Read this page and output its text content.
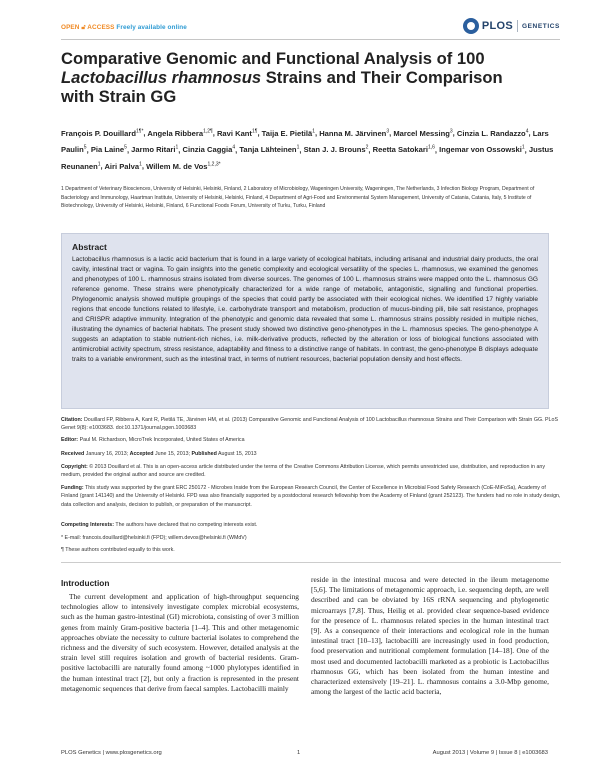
OPEN 🔓︎ ACCESS Freely available online	PLOS GENETICS
Comparative Genomic and Functional Analysis of 100
Lactobacillus rhamnosus Strains and Their Comparison
with Strain GG
François P. Douillard$^{1\P*}$, Angela Ribbera$^{1,2\P}$, Ravi Kant$^{1\P}$, Taija E. Pietilä$^1$, Hanna M. Järvinen$^3$, Marcel Messing$^3$, Cinzia L. Randazzo$^4$, Lars Paulin$^5$, Pia Laine$^5$, Jarmo Ritari$^1$, Cinzia Caggia$^4$, Tanja Lähteinen$^1$, Stan J. J. Brouns$^2$, Reetta Satokari$^{1,6}$, Ingemar von Ossowski$^1$, Justus Reunanen$^1$, Airi Palva$^1$, Willem M. de Vos$^{1,2,3*}$
1 Department of Veterinary Biosciences, University of Helsinki, Helsinki, Finland, 2 Laboratory of Microbiology, Wageningen University, Wageningen, The Netherlands, 3 Infection Biology Program, Department of Bacteriology and Immunology, Haartman Institute, University of Helsinki, Helsinki, Finland, 4 Department of Agri-Food and Environmental System Management, University of Catania, Catania, Italy, 5 Institute of Biotechnology, University of Helsinki, Helsinki, Finland, 6 Functional Foods Forum, University of Turku, Turku, Finland
Abstract
Lactobacillus rhamnosus is a lactic acid bacterium that is found in a large variety of ecological habitats, including artisanal and industrial dairy products, the oral cavity, intestinal tract or vagina. To gain insights into the genetic complexity and ecological versatility of the species L. rhamnosus, we examined the genomes and phenotypes of 100 L. rhamnosus strains isolated from diverse sources. The genomes of 100 L. rhamnosus strains were mapped onto the L. rhamnosus GG reference genome. These strains were phenotypically characterized for a wide range of metabolic, antagonistic, signalling and functional properties. Phylogenomic analysis showed multiple groupings of the species that could partly be associated with their ecological niches. We identified 17 highly variable regions that encode functions related to lifestyle, i.e. carbohydrate transport and metabolism, production of mucus-binding pili, bile salt resistance, prophages and CRISPR adaptive immunity. Integration of the phenotypic and genomic data revealed that some L. rhamnosus strains possibly resided in multiple niches, illustrating the dynamics of bacterial habitats. The present study showed two distinctive geno-phenotypes in the L. rhamnosus species. The geno-phenotype A suggests an adaptation to stable nutrient-rich niches, i.e. milk-derivative products, reflected by the alteration or loss of biological functions associated with antimicrobial activity spectrum, stress resistance, adaptability and fitness to a distinctive range of habitats. In contrast, the geno-phenotype B displays adequate traits to a variable environment, such as the intestinal tract, in terms of nutrient resources, bacterial population density and host effects.
Citation: Douillard FP, Ribbera A, Kant R, Pietilä TE, Järvinen HM, et al. (2013) Comparative Genomic and Functional Analysis of 100 Lactobacillus rhamnosus Strains and Their Comparison with Strain GG. PLoS Genet 9(8): e1003683. doi:10.1371/journal.pgen.1003683
Editor: Paul M. Richardson, MicroTrek Incorporated, United States of America
Received January 16, 2013; Accepted June 15, 2013; Published August 15, 2013
Copyright: © 2013 Douillard et al. This is an open-access article distributed under the terms of the Creative Commons Attribution License, which permits unrestricted use, distribution, and reproduction in any medium, provided the original author and source are credited.
Funding: This study was supported by the grant ERC 250172 - Microbes Inside from the European Research Council, the Center of Excellence in Microbial Food Safety Research (CoE-MiFoSa), Academy of Finland (grant 141140) and the University of Helsinki. FPD was also financially supported by a postdoctoral research fellowship from the Academy of Finland (grant 252123). The funders had no role in study design, data collection and analysis, decision to publish, or preparation of the manuscript.
Competing Interests: The authors have declared that no competing interests exist.
* E-mail: francois.douillard@helsinki.fi (FPD); willem.devos@helsinki.fi (WMdV)
¶ These authors contributed equally to this work.
Introduction
The current development and application of high-throughput sequencing technologies allow to intensively investigate complex microbial ecosystems, such as the human gastro-intestinal (GI) microbiota, consisting of over 3 million genes from mainly Gram-positive bacteria [1–4]. This and other metagenomic approaches obviate the necessity to culture bacterial isolates to comprehend the richness and the diversity of such ecosystem. However, detailed analysis at the strain level still requires isolation and growth of bacterial residents. Gram-positive lactobacilli are naturally found among ~1000 phylotypes identified in the human intestinal tract [2], but only a fraction is represented in the present metagenomic sequences that derive from faecal samples. Lactobacilli mainly
reside in the intestinal mucosa and were detected in the ileum metagenome [5,6]. The limitations of metagenomic approach, i.e. sequencing depth, are well described and can be obviated by 16S rRNA sequencing and phylogenetic microarrays [7,8]. Thus, Heilig et al. provided clear sequence-based evidence for the presence of L. rhamnosus related species in the human intestinal tract [9]. As a consequence of their interactions and ecological role in the human intestinal tract [10–13], lactobacilli are increasingly used in food production, food preservation and nutritional complement formulation [14–18]. One of the most used and documented lactobacilli marketed as a probiotic is Lactobacillus rhamnosus GG, which has been isolated from the human intestine and characterized extensively [19–21]. L. rhamnosus contains a 3.0-Mbp genome, among the largest of the lactic acid bacteria,
PLOS Genetics | www.plosgenetics.org	1	August 2013 | Volume 9 | Issue 8 | e1003683
